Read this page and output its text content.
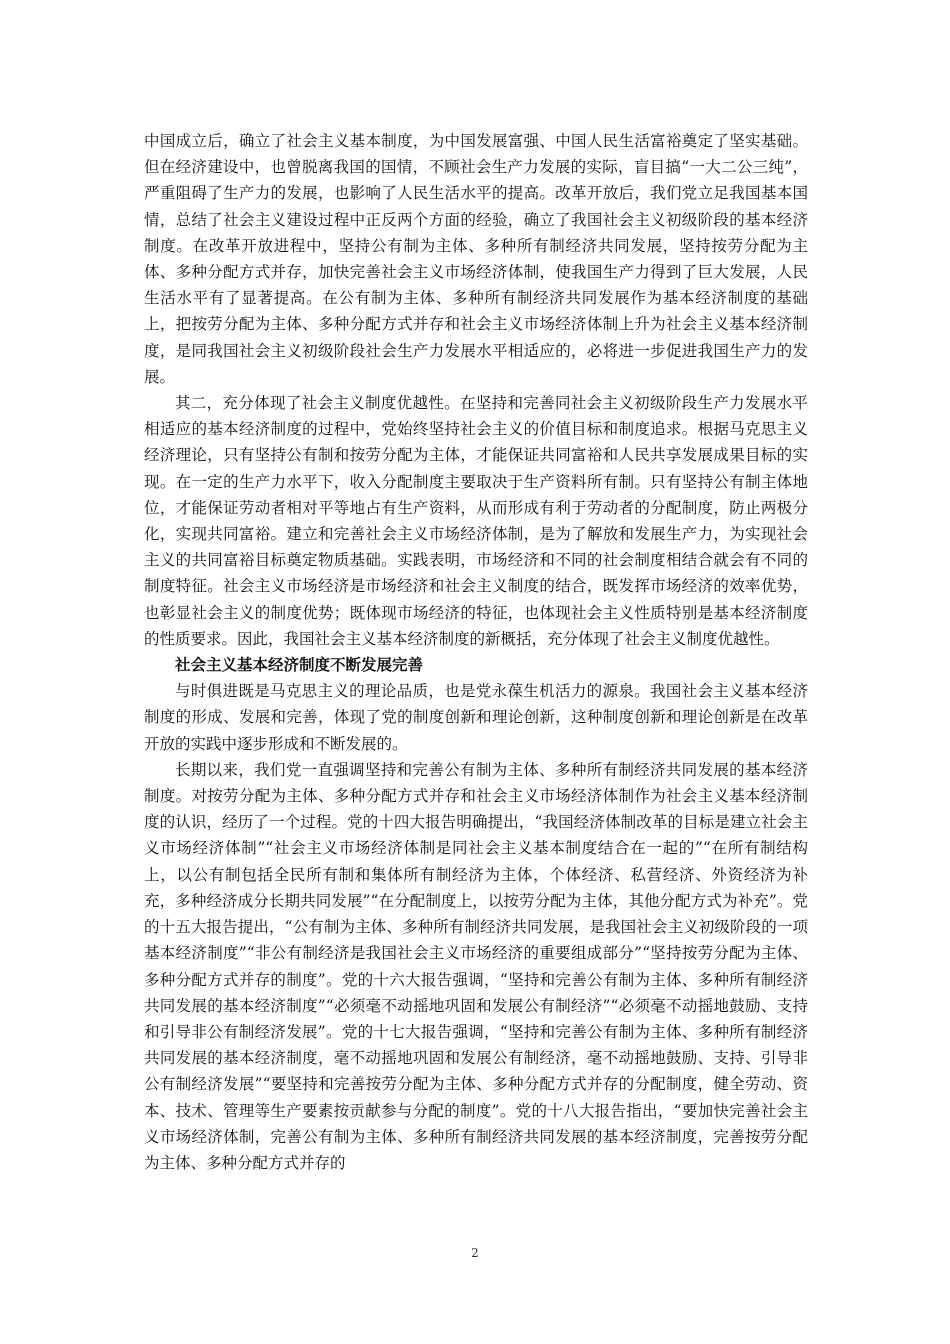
中国成立后，确立了社会主义基本制度，为中国发展富强、中国人民生活富裕奠定了坚实基础。但在经济建设中，也曾脱离我国的国情，不顾社会生产力发展的实际，盲目搞“一大二公三纯”，严重阻碍了生产力的发展，也影响了人民生活水平的提高。改革开放后，我们党立足我国基本国情，总结了社会主义建设过程中正反两个方面的经验，确立了我国社会主义初级阶段的基本经济制度。在改革开放进程中，坚持公有制为主体、多种所有制经济共同发展，坚持按劳分配为主体、多种分配方式并存，加快完善社会主义市场经济体制，使我国生产力得到了巨大发展，人民生活水平有了显著提高。在公有制为主体、多种所有制经济共同发展作为基本经济制度的基础上，把按劳分配为主体、多种分配方式并存和社会主义市场经济体制上升为社会主义基本经济制度，是同我国社会主义初级阶段社会生产力发展水平相适应的，必将进一步促进我国生产力的发展。

其二，充分体现了社会主义制度优越性。在坚持和完善同社会主义初级阶段生产力发展水平相适应的基本经济制度的过程中，党始终坚持社会主义的价值目标和制度追求。根据马克思主义经济理论，只有坚持公有制和按劳分配为主体，才能保证共同富裕和人民共享发展成果目标的实现。在一定的生产力水平下，收入分配制度主要取决于生产资料所有制。只有坚持公有制主体地位，才能保证劳动者相对平等地占有生产资料，从而形成有利于劳动者的分配制度，防止两极分化，实现共同富裕。建立和完善社会主义市场经济体制，是为了解放和发展生产力，为实现社会主义的共同富裕目标奠定物质基础。实践表明，市场经济和不同的社会制度相结合就会有不同的制度特征。社会主义市场经济是市场经济和社会主义制度的结合，既发挥市场经济的效率优势，也彰显社会主义的制度优势；既体现市场经济的特征，也体现社会主义性质特别是基本经济制度的性质要求。因此，我国社会主义基本经济制度的新概括，充分体现了社会主义制度优越性。

社会主义基本经济制度不断发展完善

与时俱进既是马克思主义的理论品质，也是党永葆生机活力的源泉。我国社会主义基本经济制度的形成、发展和完善，体现了党的制度创新和理论创新，这种制度创新和理论创新是在改革开放的实践中逐步形成和不断发展的。

长期以来，我们党一直强调坚持和完善公有制为主体、多种所有制经济共同发展的基本经济制度。对按劳分配为主体、多种分配方式并存和社会主义市场经济体制作为社会主义基本经济制度的认识，经历了一个过程。党的十四大报告明确提出，“我国经济体制改革的目标是建立社会主义市场经济体制”“社会主义市场经济体制是同社会主义基本制度结合在一起的”“在所有制结构上，以公有制包括全民所有制和集体所有制经济为主体，个体经济、私营经济、外资经济为补充，多种经济成分长期共同发展”“在分配制度上，以按劳分配为主体，其他分配方式为补充”。党的十五大报告提出，“公有制为主体、多种所有制经济共同发展，是我国社会主义初级阶段的一项基本经济制度”“非公有制经济是我国社会主义市场经济的重要组成部分”“坚持按劳分配为主体、多种分配方式并存的制度”。党的十六大报告强调，“坚持和完善公有制为主体、多种所有制经济共同发展的基本经济制度”“必须毫不动摇地巩固和发展公有制经济”“必须毫不动摇地鼓励、支持和引导非公有制经济发展”。党的十七大报告强调，“坚持和完善公有制为主体、多种所有制经济共同发展的基本经济制度，毫不动摇地巩固和发展公有制经济，毫不动摇地鼓励、支持、引导非公有制经济发展”“要坚持和完善按劳分配为主体、多种分配方式并存的分配制度，健全劳动、资本、技术、管理等生产要素按贡献参与分配的制度”。党的十八大报告指出，“要加快完善社会主义市场经济体制，完善公有制为主体、多种所有制经济共同发展的基本经济制度，完善按劳分配为主体、多种分配方式并存的

2
